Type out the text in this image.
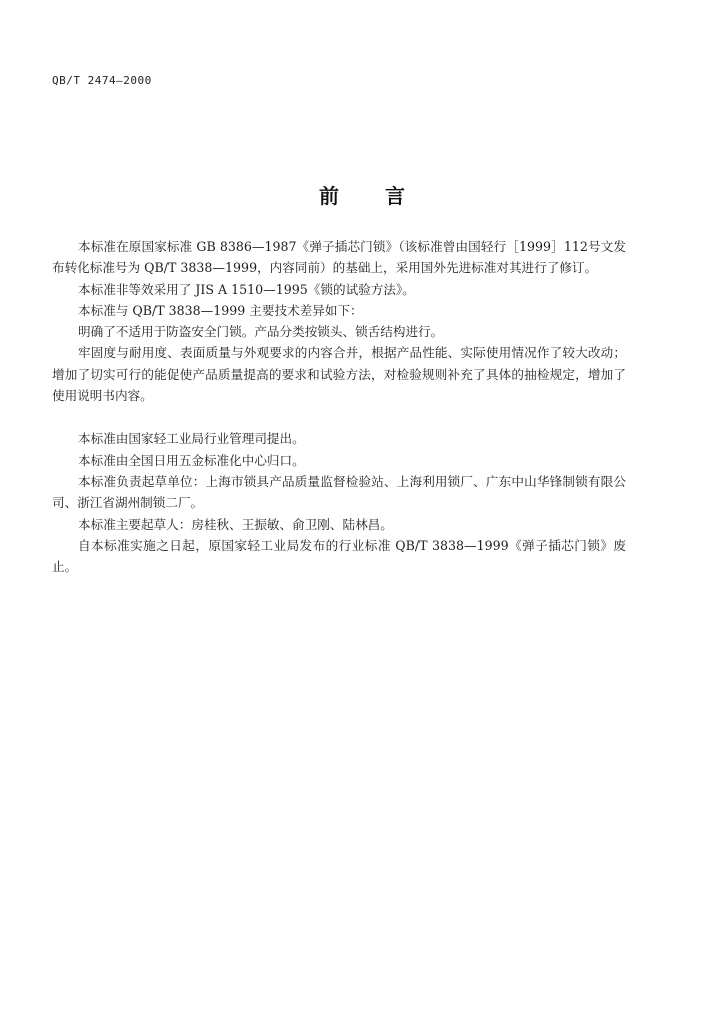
QB/T 2474—2000
前言

本标准在原国家标准 GB 8386—1987《弹子插芯门锁》（该标准曾由国轻行［1999］112号文发布转化标准号为 QB/T 3838—1999，内容同前）的基础上，采用国外先进标准对其进行了修订。

本标准非等效采用了 JIS A 1510—1995《锁的试验方法》。

本标准与 QB/T 3838—1999 主要技术差异如下：

明确了不适用于防盗安全门锁。产品分类按锁头、锁舌结构进行。

牢固度与耐用度、表面质量与外观要求的内容合并，根据产品性能、实际使用情况作了较大改动；增加了切实可行的能促使产品质量提高的要求和试验方法，对检验规则补充了具体的抽检规定，增加了使用说明书内容。

本标准由国家轻工业局行业管理司提出。

本标准由全国日用五金标准化中心归口。

本标准负责起草单位：上海市锁具产品质量监督检验站、上海利用锁厂、广东中山华锋制锁有限公司、浙江省湖州制锁二厂。

本标准主要起草人：房桂秋、王振敏、俞卫刚、陆林昌。

自本标准实施之日起，原国家轻工业局发布的行业标准 QB/T 3838—1999《弹子插芯门锁》废止。
